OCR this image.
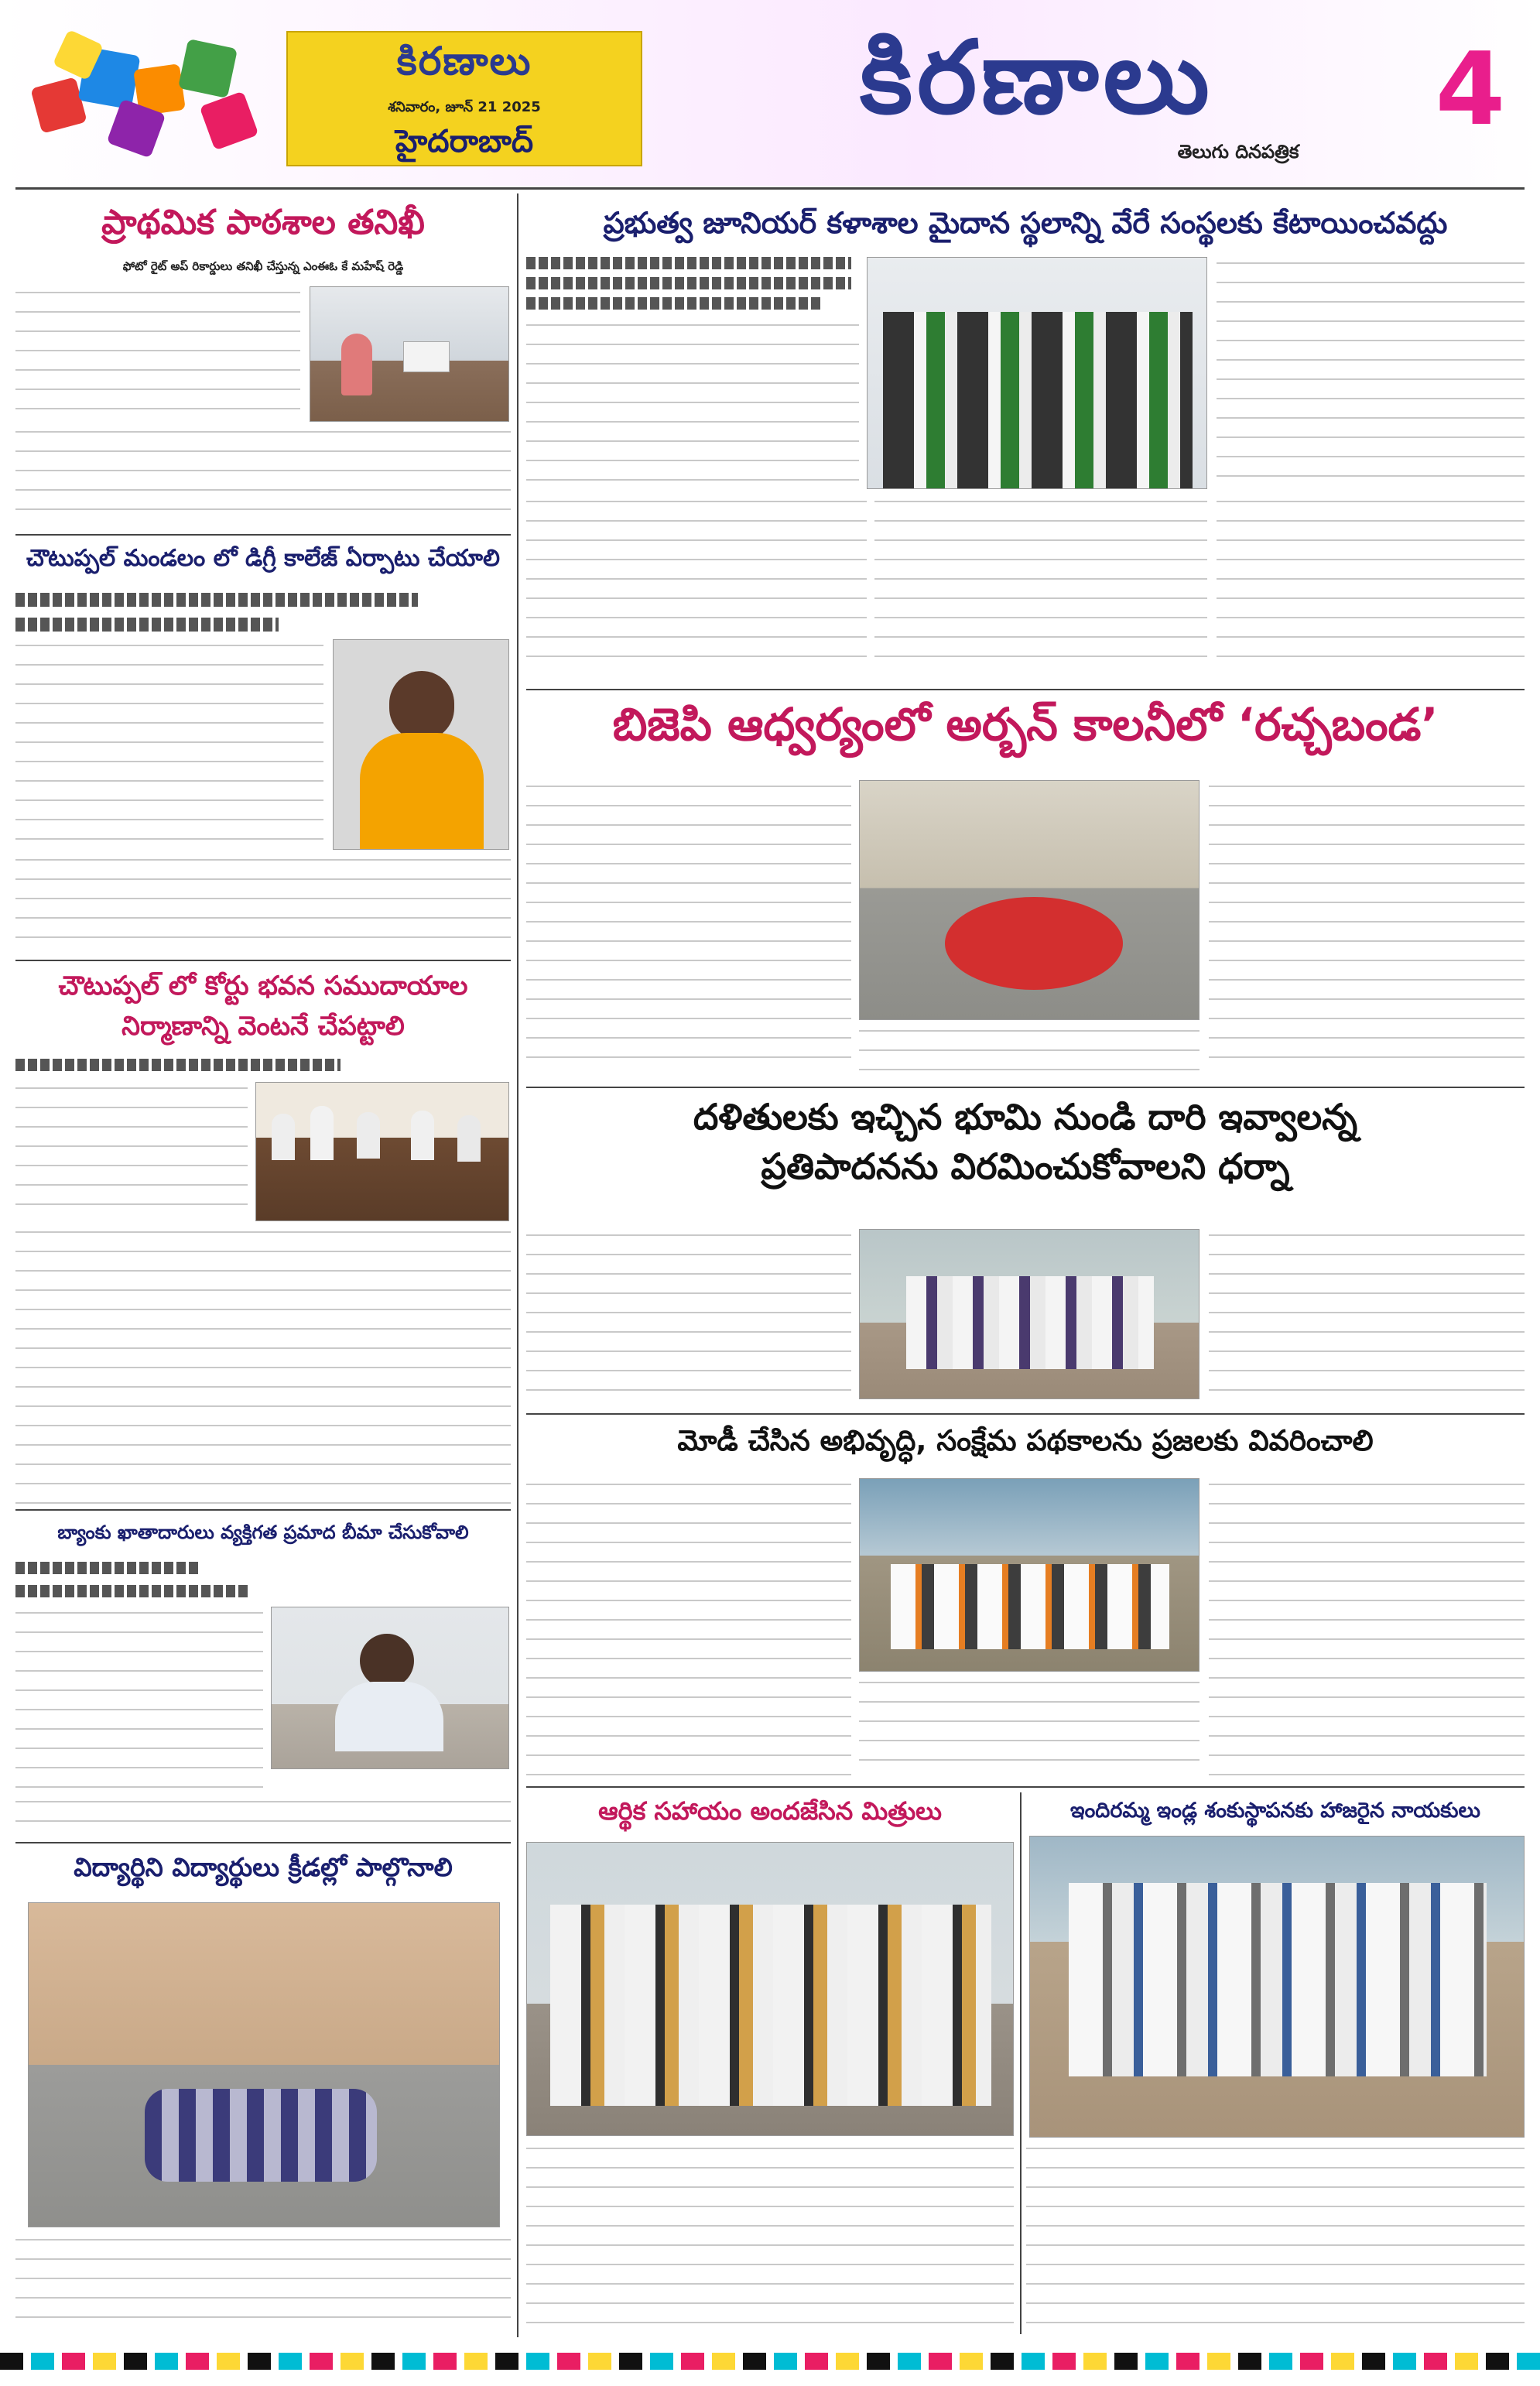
కిరణాలు
శనివారం, జూన్ 21 2025
హైదరాబాద్
కిరణాలు
తెలుగు దినపత్రిక
4
ప్రాథమిక పాఠశాల తనిఖీ
ఫోటో రైట్ అప్ రికార్డులు తనిఖీ చేస్తున్న ఎంఈఓ కే మహేష్ రెడ్డి
చౌటుప్పల్ మండలం లో డిగ్రీ కాలేజ్ ఏర్పాటు చేయాలి
చౌటుప్పల్ లో కోర్టు భవన సముదాయాల
నిర్మాణాన్ని వెంటనే చేపట్టాలి
బ్యాంకు ఖాతాదారులు వ్యక్తిగత ప్రమాద బీమా చేసుకోవాలి
విద్యార్థిని విద్యార్థులు క్రీడల్లో పాల్గొనాలి
ప్రభుత్వ జూనియర్ కళాశాల మైదాన స్థలాన్ని వేరే సంస్థలకు కేటాయించవద్దు
బిజెపి ఆధ్వర్యంలో అర్బన్ కాలనీలో ‘రచ్చబండ’
దళితులకు ఇచ్చిన భూమి నుండి దారి ఇవ్వాలన్న
ప్రతిపాదనను విరమించుకోవాలని ధర్నా
మోడీ చేసిన అభివృద్ధి, సంక్షేమ పథకాలను ప్రజలకు వివరించాలి
ఆర్థిక సహాయం అందజేసిన మిత్రులు	ఇందిరమ్మ ఇండ్ల శంకుస్థాపనకు హాజరైన నాయకులు
